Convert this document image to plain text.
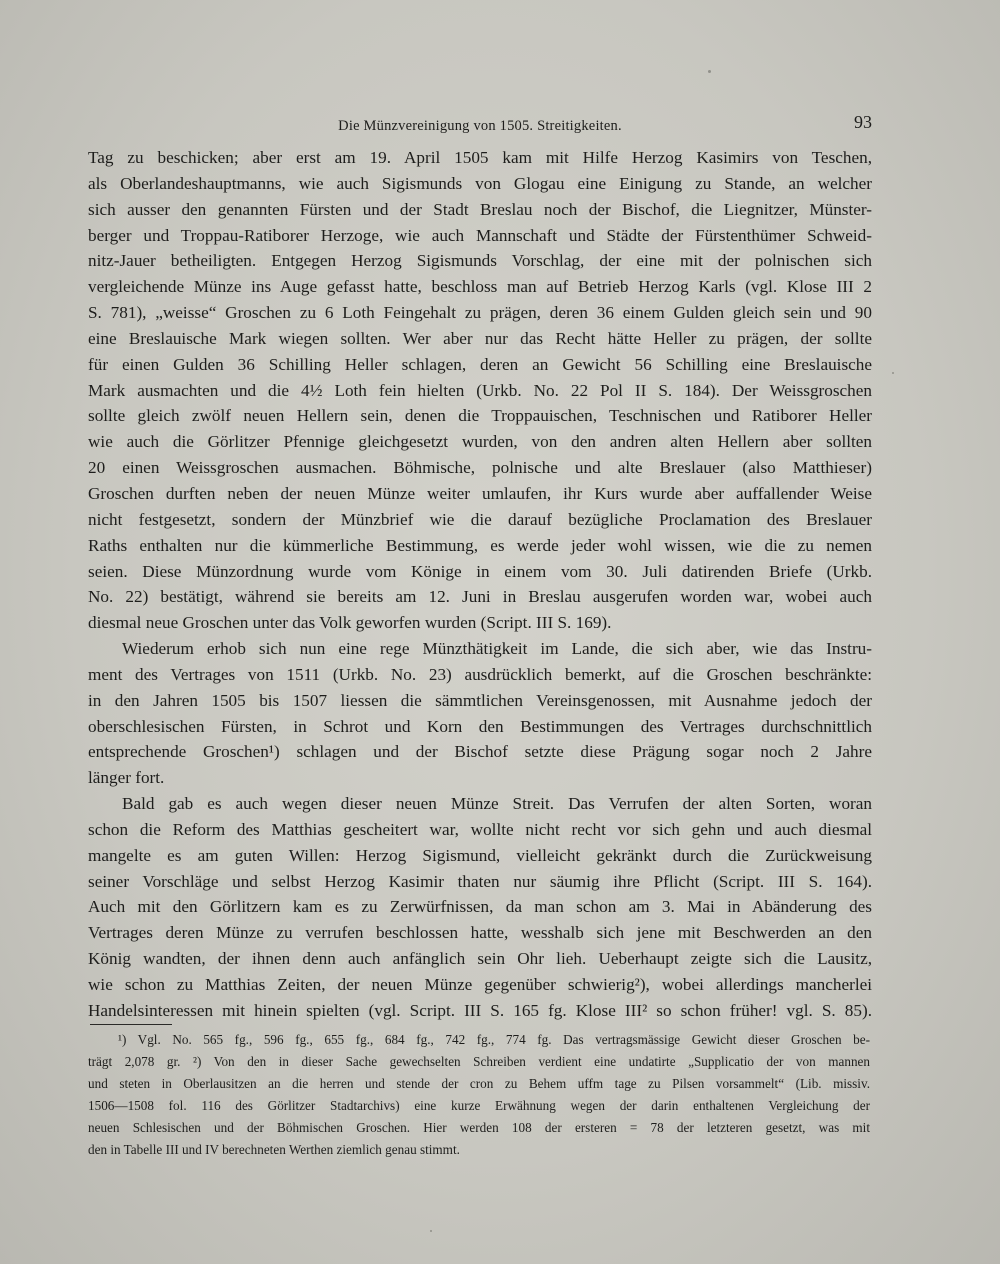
Die Münzvereinigung von 1505. Streitigkeiten.	93
Tag zu beschicken; aber erst am 19. April 1505 kam mit Hilfe Herzog Kasimirs von Teschen,
als Oberlandeshauptmanns, wie auch Sigismunds von Glogau eine Einigung zu Stande, an welcher
sich ausser den genannten Fürsten und der Stadt Breslau noch der Bischof, die Liegnitzer, Münster-
berger und Troppau-Ratiborer Herzoge, wie auch Mannschaft und Städte der Fürstenthümer Schweid-
nitz-Jauer betheiligten. Entgegen Herzog Sigismunds Vorschlag, der eine mit der polnischen sich
vergleichende Münze ins Auge gefasst hatte, beschloss man auf Betrieb Herzog Karls (vgl. Klose III 2
S. 781), „weisse“ Groschen zu 6 Loth Feingehalt zu prägen, deren 36 einem Gulden gleich sein und 90
eine Breslauische Mark wiegen sollten. Wer aber nur das Recht hätte Heller zu prägen, der sollte
für einen Gulden 36 Schilling Heller schlagen, deren an Gewicht 56 Schilling eine Breslauische
Mark ausmachten und die 4½ Loth fein hielten (Urkb. No. 22 Pol II S. 184). Der Weissgroschen
sollte gleich zwölf neuen Hellern sein, denen die Troppauischen, Teschnischen und Ratiborer Heller
wie auch die Görlitzer Pfennige gleichgesetzt wurden, von den andren alten Hellern aber sollten
20 einen Weissgroschen ausmachen. Böhmische, polnische und alte Breslauer (also Matthieser)
Groschen durften neben der neuen Münze weiter umlaufen, ihr Kurs wurde aber auffallender Weise
nicht festgesetzt, sondern der Münzbrief wie die darauf bezügliche Proclamation des Breslauer
Raths enthalten nur die kümmerliche Bestimmung, es werde jeder wohl wissen, wie die zu nemen
seien. Diese Münzordnung wurde vom Könige in einem vom 30. Juli datirenden Briefe (Urkb.
No. 22) bestätigt, während sie bereits am 12. Juni in Breslau ausgerufen worden war, wobei auch
diesmal neue Groschen unter das Volk geworfen wurden (Script. III S. 169).
Wiederum erhob sich nun eine rege Münzthätigkeit im Lande, die sich aber, wie das Instru-
ment des Vertrages von 1511 (Urkb. No. 23) ausdrücklich bemerkt, auf die Groschen beschränkte:
in den Jahren 1505 bis 1507 liessen die sämmtlichen Vereinsgenossen, mit Ausnahme jedoch der
oberschlesischen Fürsten, in Schrot und Korn den Bestimmungen des Vertrages durchschnittlich
entsprechende Groschen¹) schlagen und der Bischof setzte diese Prägung sogar noch 2 Jahre
länger fort.
Bald gab es auch wegen dieser neuen Münze Streit. Das Verrufen der alten Sorten, woran
schon die Reform des Matthias gescheitert war, wollte nicht recht vor sich gehn und auch diesmal
mangelte es am guten Willen: Herzog Sigismund, vielleicht gekränkt durch die Zurückweisung
seiner Vorschläge und selbst Herzog Kasimir thaten nur säumig ihre Pflicht (Script. III S. 164).
Auch mit den Görlitzern kam es zu Zerwürfnissen, da man schon am 3. Mai in Abänderung des
Vertrages deren Münze zu verrufen beschlossen hatte, wesshalb sich jene mit Beschwerden an den
König wandten, der ihnen denn auch anfänglich sein Ohr lieh. Ueberhaupt zeigte sich die Lausitz,
wie schon zu Matthias Zeiten, der neuen Münze gegenüber schwierig²), wobei allerdings mancherlei
Handelsinteressen mit hinein spielten (vgl. Script. III S. 165 fg. Klose III² so schon früher! vgl. S. 85).
¹) Vgl. No. 565 fg., 596 fg., 655 fg., 684 fg., 742 fg., 774 fg. Das vertragsmässige Gewicht dieser Groschen be-
trägt 2,078 gr. ²) Von den in dieser Sache gewechselten Schreiben verdient eine undatirte „Supplicatio der von mannen
und steten in Oberlausitzen an die herren und stende der cron zu Behem uffm tage zu Pilsen vorsammelt“ (Lib. missiv.
1506—1508 fol. 116 des Görlitzer Stadtarchivs) eine kurze Erwähnung wegen der darin enthaltenen Vergleichung der
neuen Schlesischen und der Böhmischen Groschen. Hier werden 108 der ersteren = 78 der letzteren gesetzt, was mit
den in Tabelle III und IV berechneten Werthen ziemlich genau stimmt.
